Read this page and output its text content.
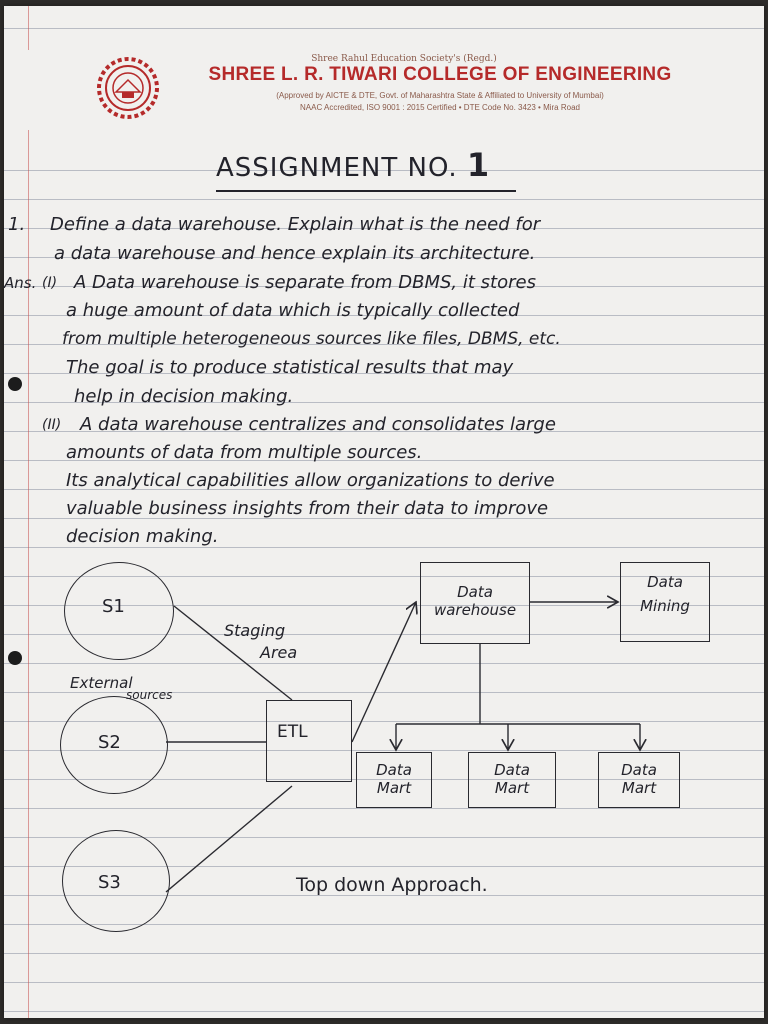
Shree Rahul Education Society's (Regd.)
SHREE L. R. TIWARI COLLEGE OF ENGINEERING
(Approved by AICTE & DTE, Govt. of Maharashtra State & Affiliated to University of Mumbai)
NAAC Accredited, ISO 9001 : 2015 Certified • DTE Code No. 3423 • Mira Road
ASSIGNMENT NO. 1
1. Define a data warehouse. Explain what is the need for
a data warehouse and hence explain its architecture.
Ans. (I) A Data warehouse is separate from DBMS, it stores
a huge amount of data which is typically collected
from multiple heterogeneous sources like files, DBMS, etc.
The goal is to produce statistical results that may
help in decision making.
(II) A data warehouse centralizes and consolidates large
amounts of data from multiple sources.
Its analytical capabilities allow organizations to derive
valuable business insights from their data to improve
decision making.
S1
S2
S3
External
sources
Staging
Area
ETL
Data
warehouse
Data
Mining
Data
Mart
Data
Mart
Data
Mart
Top down Approach.
